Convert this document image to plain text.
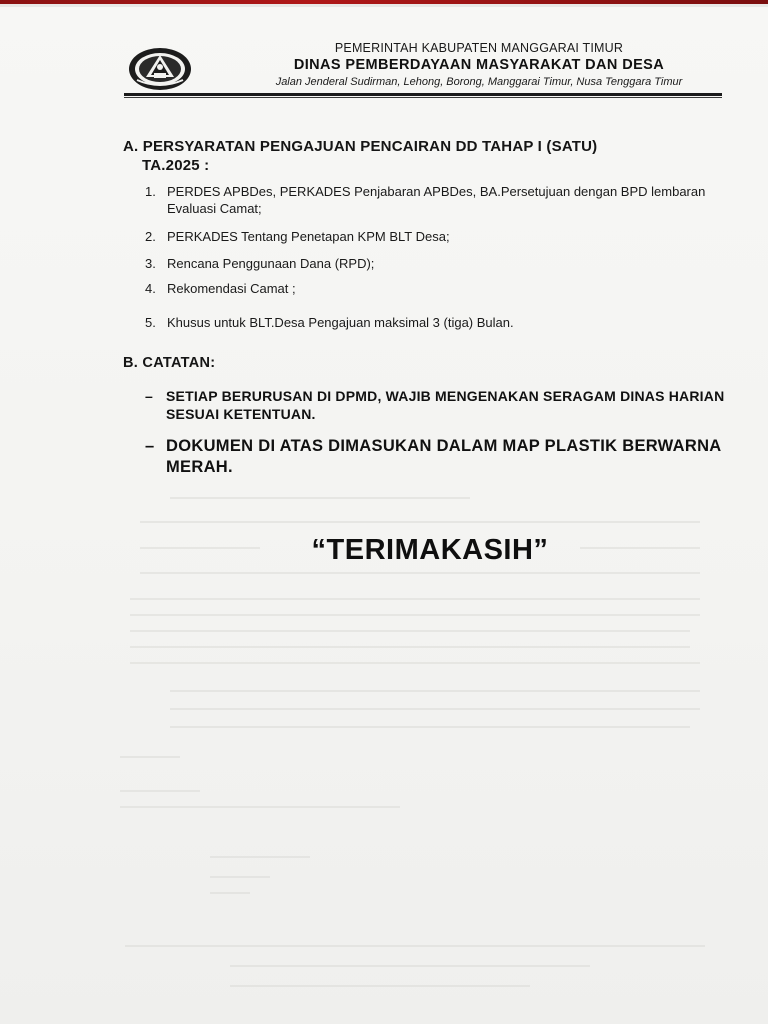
PEMERINTAH KABUPATEN MANGGARAI TIMUR
DINAS PEMBERDAYAAN MASYARAKAT DAN DESA
Jalan Jenderal Sudirman, Lehong, Borong, Manggarai Timur, Nusa Tenggara Timur
A. PERSYARATAN PENGAJUAN PENCAIRAN DD TAHAP I (SATU)
TA.2025 :
1. PERDES APBDes, PERKADES Penjabaran APBDes, BA.Persetujuan dengan BPD lembaran Evaluasi Camat;
2. PERKADES Tentang Penetapan KPM BLT Desa;
3. Rencana Penggunaan Dana (RPD);
4. Rekomendasi Camat ;
5. Khusus untuk BLT.Desa Pengajuan maksimal 3 (tiga) Bulan.
B. CATATAN:
– SETIAP BERURUSAN DI DPMD, WAJIB MENGENAKAN SERAGAM DINAS HARIAN SESUAI KETENTUAN.
– DOKUMEN DI ATAS DIMASUKAN DALAM MAP PLASTIK BERWARNA MERAH.
“TERIMAKASIH”
